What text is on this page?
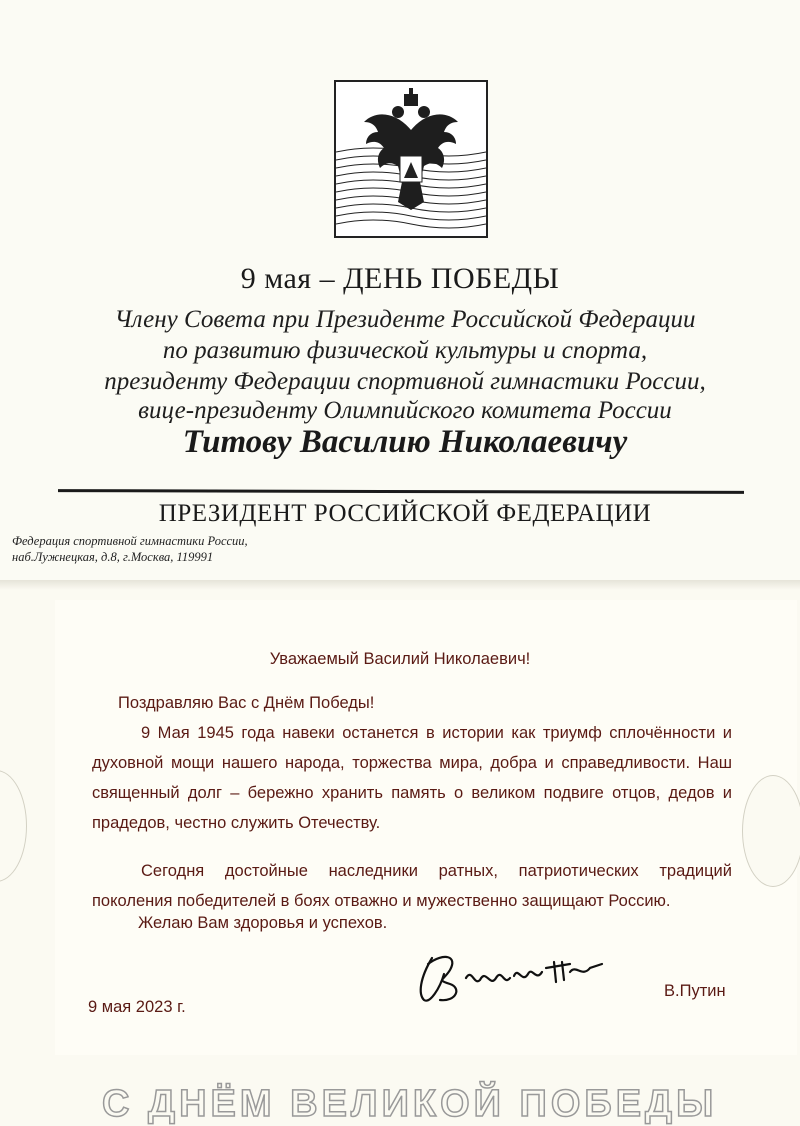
9 мая – ДЕНЬ ПОБЕДЫ
Члену Совета при Президенте Российской Федерации
по развитию физической культуры и спорта,
президенту Федерации спортивной гимнастики России,
вице-президенту Олимпийского комитета России
Титову Василию Николаевичу
ПРЕЗИДЕНТ РОССИЙСКОЙ ФЕДЕРАЦИИ
Федерация спортивной гимнастики России,
наб.Лужнецкая, д.8, г.Москва, 119991
Уважаемый Василий Николаевич!
Поздравляю Вас с Днём Победы!

9 Мая 1945 года навеки останется в истории как триумф сплочённости и духовной мощи нашего народа, торжества мира, добра и справедливости. Наш священный долг – бережно хранить память о великом подвиге отцов, дедов и прадедов, честно служить Отечеству.

Сегодня достойные наследники ратных, патриотических традиций поколения победителей в боях отважно и мужественно защищают Россию.

Желаю Вам здоровья и успехов.
9 мая 2023 г.
В.Путин
С ДНЁМ ВЕЛИКОЙ ПОБЕДЫ
